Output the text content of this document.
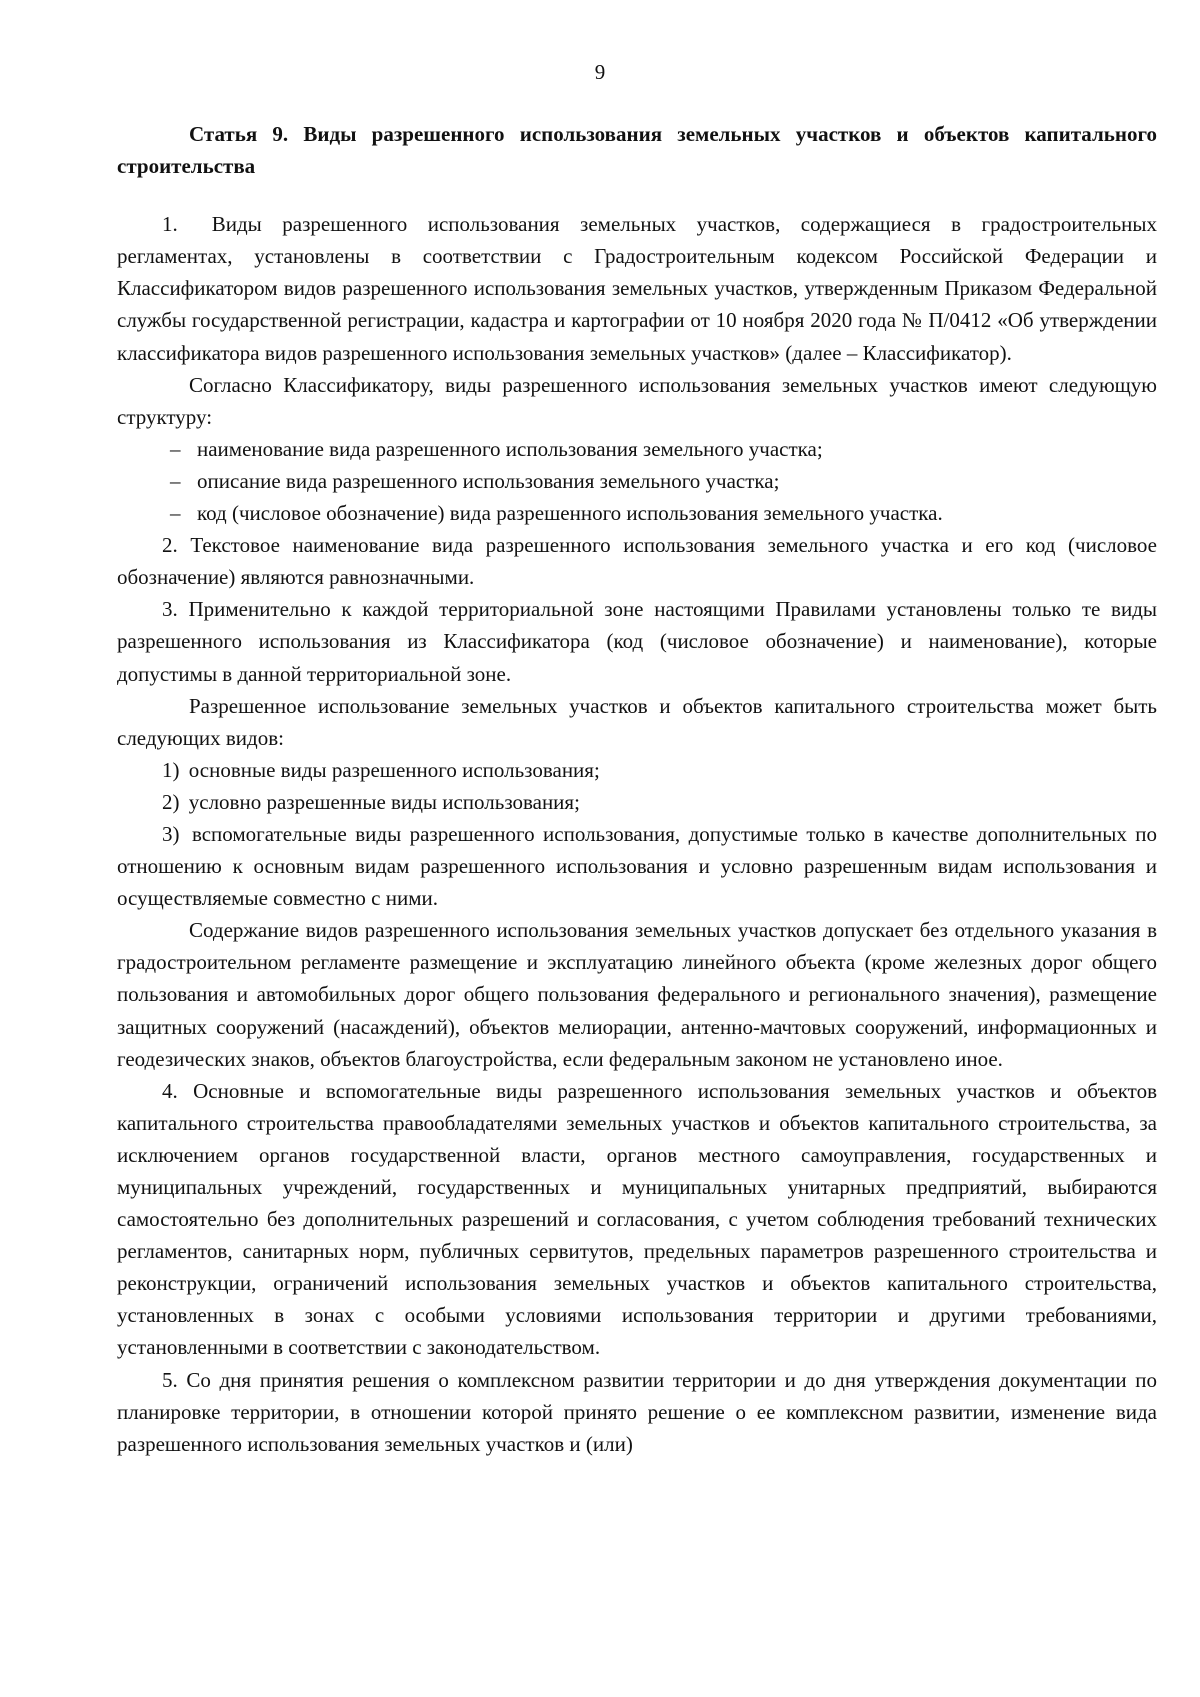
9

Статья 9. Виды разрешенного использования земельных участков и объектов капитального строительства

1. Виды разрешенного использования земельных участков, содержащиеся в градостроительных регламентах, установлены в соответствии с Градостроительным кодексом Российской Федерации и Классификатором видов разрешенного использования земельных участков, утвержденным Приказом Федеральной службы государственной регистрации, кадастра и картографии от 10 ноября 2020 года № П/0412 «Об утверждении классификатора видов разрешенного использования земельных участков» (далее – Классификатор).

Согласно Классификатору, виды разрешенного использования земельных участков имеют следующую структуру:

– наименование вида разрешенного использования земельного участка;
– описание вида разрешенного использования земельного участка;
– код (числовое обозначение) вида разрешенного использования земельного участка.

2. Текстовое наименование вида разрешенного использования земельного участка и его код (числовое обозначение) являются равнозначными.

3. Применительно к каждой территориальной зоне настоящими Правилами установлены только те виды разрешенного использования из Классификатора (код (числовое обозначение) и наименование), которые допустимы в данной территориальной зоне.

Разрешенное использование земельных участков и объектов капитального строительства может быть следующих видов:

1) основные виды разрешенного использования;

2) условно разрешенные виды использования;

3) вспомогательные виды разрешенного использования, допустимые только в качестве дополнительных по отношению к основным видам разрешенного использования и условно разрешенным видам использования и осуществляемые совместно с ними.

Содержание видов разрешенного использования земельных участков допускает без отдельного указания в градостроительном регламенте размещение и эксплуатацию линейного объекта (кроме железных дорог общего пользования и автомобильных дорог общего пользования федерального и регионального значения), размещение защитных сооружений (насаждений), объектов мелиорации, антенно-мачтовых сооружений, информационных и геодезических знаков, объектов благоустройства, если федеральным законом не установлено иное.

4. Основные и вспомогательные виды разрешенного использования земельных участков и объектов капитального строительства правообладателями земельных участков и объектов капитального строительства, за исключением органов государственной власти, органов местного самоуправления, государственных и муниципальных учреждений, государственных и муниципальных унитарных предприятий, выбираются самостоятельно без дополнительных разрешений и согласования, с учетом соблюдения требований технических регламентов, санитарных норм, публичных сервитутов, предельных параметров разрешенного строительства и реконструкции, ограничений использования земельных участков и объектов капитального строительства, установленных в зонах с особыми условиями использования территории и другими требованиями, установленными в соответствии с законодательством.

5. Со дня принятия решения о комплексном развитии территории и до дня утверждения документации по планировке территории, в отношении которой принято решение о ее комплексном развитии, изменение вида разрешенного использования земельных участков и (или)
